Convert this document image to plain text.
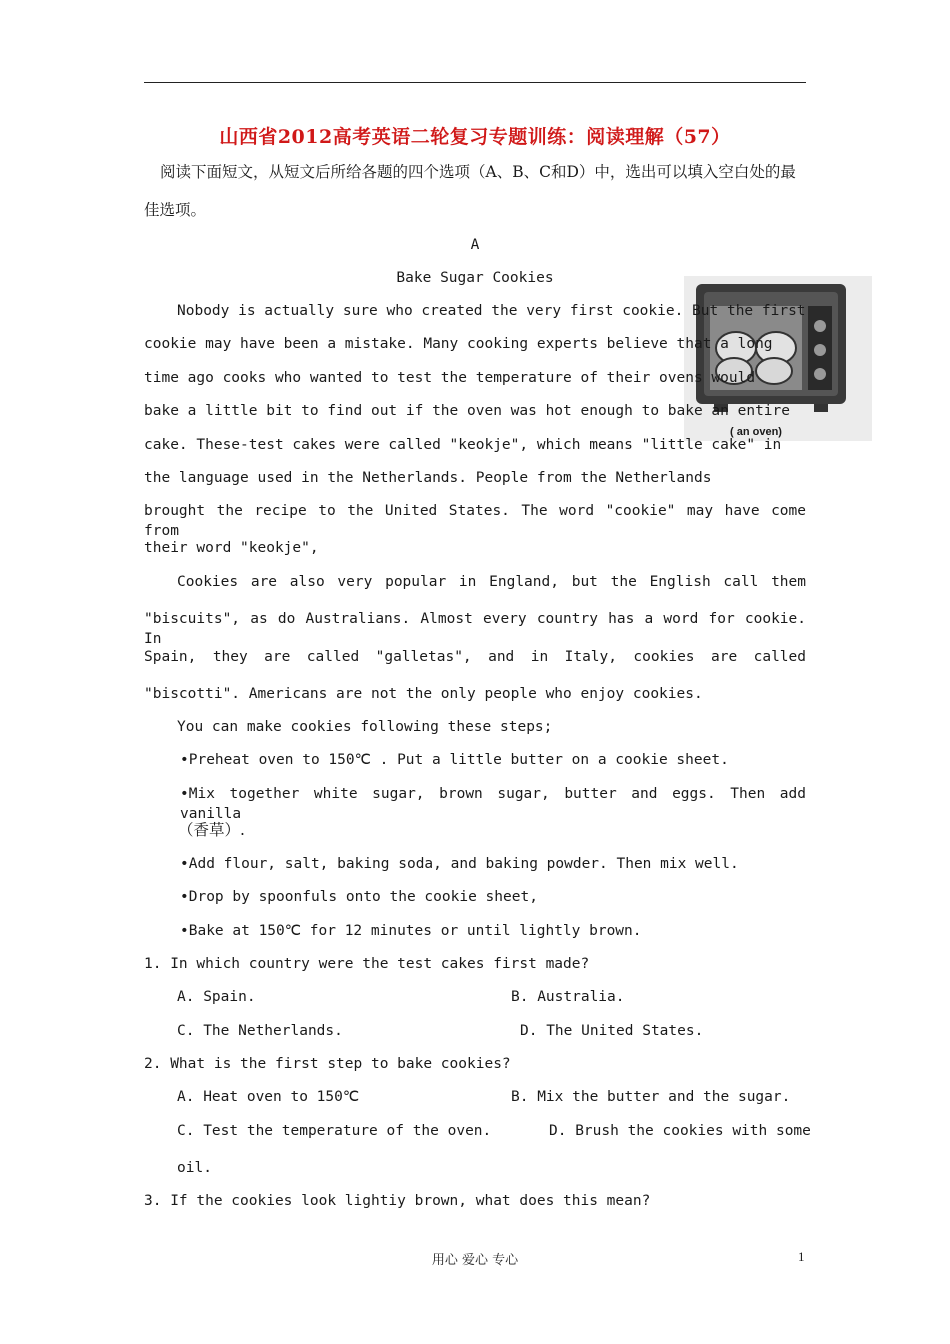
山西省2012高考英语二轮复习专题训练：阅读理解（57）
阅读下面短文，从短文后所给各题的四个选项（A、B、C和D）中，选出可以填入空白处的最
佳选项。
A
Bake Sugar Cookies
( an oven)
Nobody is actually sure who created the very first cookie. But the first
cookie may have been a mistake. Many cooking experts believe that a long
time ago cooks who wanted to test the temperature of their ovens would
bake a little bit to find out if the oven was hot enough to bake an entire
cake. These-test cakes were called "keokje", which means "little cake" in
the language used in the Netherlands. People from the Netherlands
brought the recipe to the United States. The word "cookie" may have come from
their word "keokje",
Cookies are also very popular in England, but the English call them
"biscuits", as do Australians. Almost every country has a word for cookie. In
Spain, they are called "galletas", and in Italy, cookies are called
"biscotti". Americans are not the only people who enjoy cookies.
You can make cookies following these steps;
•Preheat oven to 150℃ . Put a little butter on a cookie sheet.
•Mix together white sugar, brown sugar, butter and eggs. Then add vanilla
（香草）.
•Add flour, salt, baking soda, and baking powder. Then mix well.
•Drop by spoonfuls onto the cookie sheet,
•Bake at 150℃ for 12 minutes or until lightly brown.
1. In which country were the test cakes first made?
A. Spain.	B. Australia.
C. The Netherlands.	D. The United States.
2. What is the first step to bake cookies?
A. Heat oven to 150℃	B. Mix the butter and the sugar.
C. Test the temperature of the oven.	D. Brush the cookies with some
oil.
3. If the cookies look lightiy brown, what does this mean?
用心 爱心 专心	1
